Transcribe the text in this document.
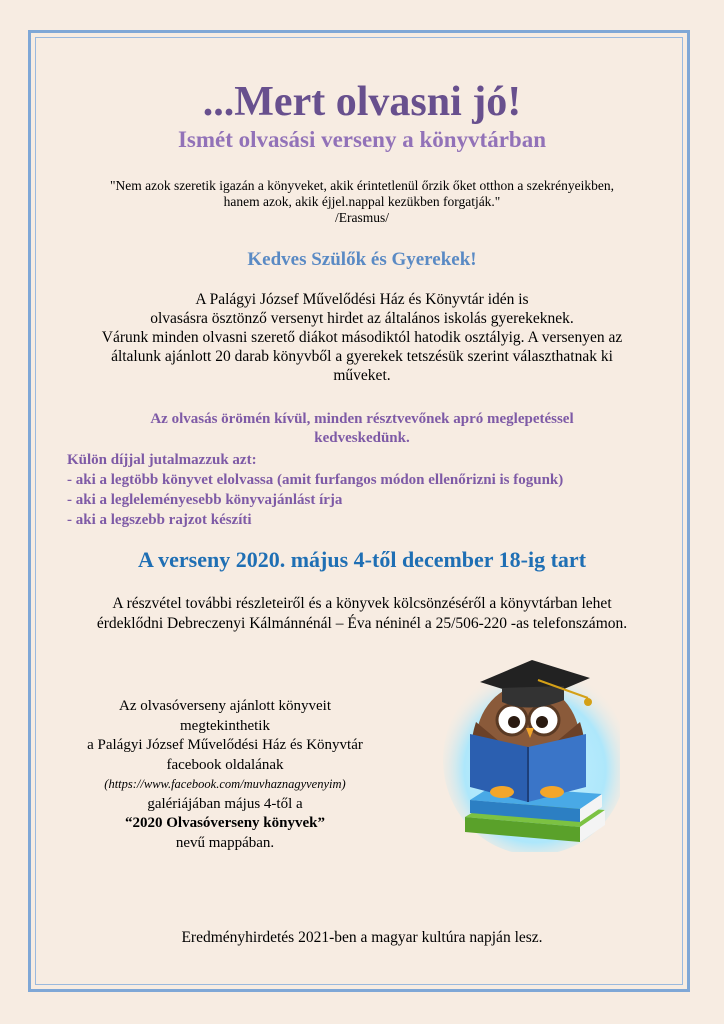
...Mert olvasni jó!
Ismét olvasási verseny a könyvtárban
"Nem azok szeretik igazán a könyveket, akik érintetlenül őrzik őket otthon a szekrényeikben,
hanem azok, akik éjjel.nappal kezükben forgatják."
/Erasmus/
Kedves Szülők és Gyerekek!
A Palágyi József Művelődési Ház és Könyvtár idén is
olvasásra ösztönző versenyt hirdet az általános iskolás gyerekeknek.
Várunk minden olvasni szerető diákot másodiktól hatodik osztályig. A versenyen az
általunk ajánlott 20 darab könyvből a gyerekek tetszésük szerint választhatnak ki
műveket.
Az olvasás örömén kívül, minden résztvevőnek apró meglepetéssel
kedveskedünk.
Külön díjjal jutalmazzuk azt:
- aki a legtöbb könyvet elolvassa (amit furfangos módon ellenőrizni is fogunk)
- aki a leglelеményesebb könyvajánlást írja
- aki a legszebb rajzot készíti
A verseny 2020. május 4-től december 18-ig tart
A részvétel további részleteiről és a könyvek kölcsönzéséről a könyvtárban lehet
érdeklődni Debreczenyi Kálmánnénál – Éva néninél a 25/506-220 -as telefonszámon.
Az olvasóverseny ajánlott könyveit
megtekinthetik
a Palágyi József Művelődési Ház és Könyvtár
facebook oldalának
(https://www.facebook.com/muvhaznagyvenyim)
galériájában május 4-től a
“2020 Olvasóverseny könyvek”
nevű mappában.
Eredményhirdetés 2021-ben a magyar kultúra napján lesz.
